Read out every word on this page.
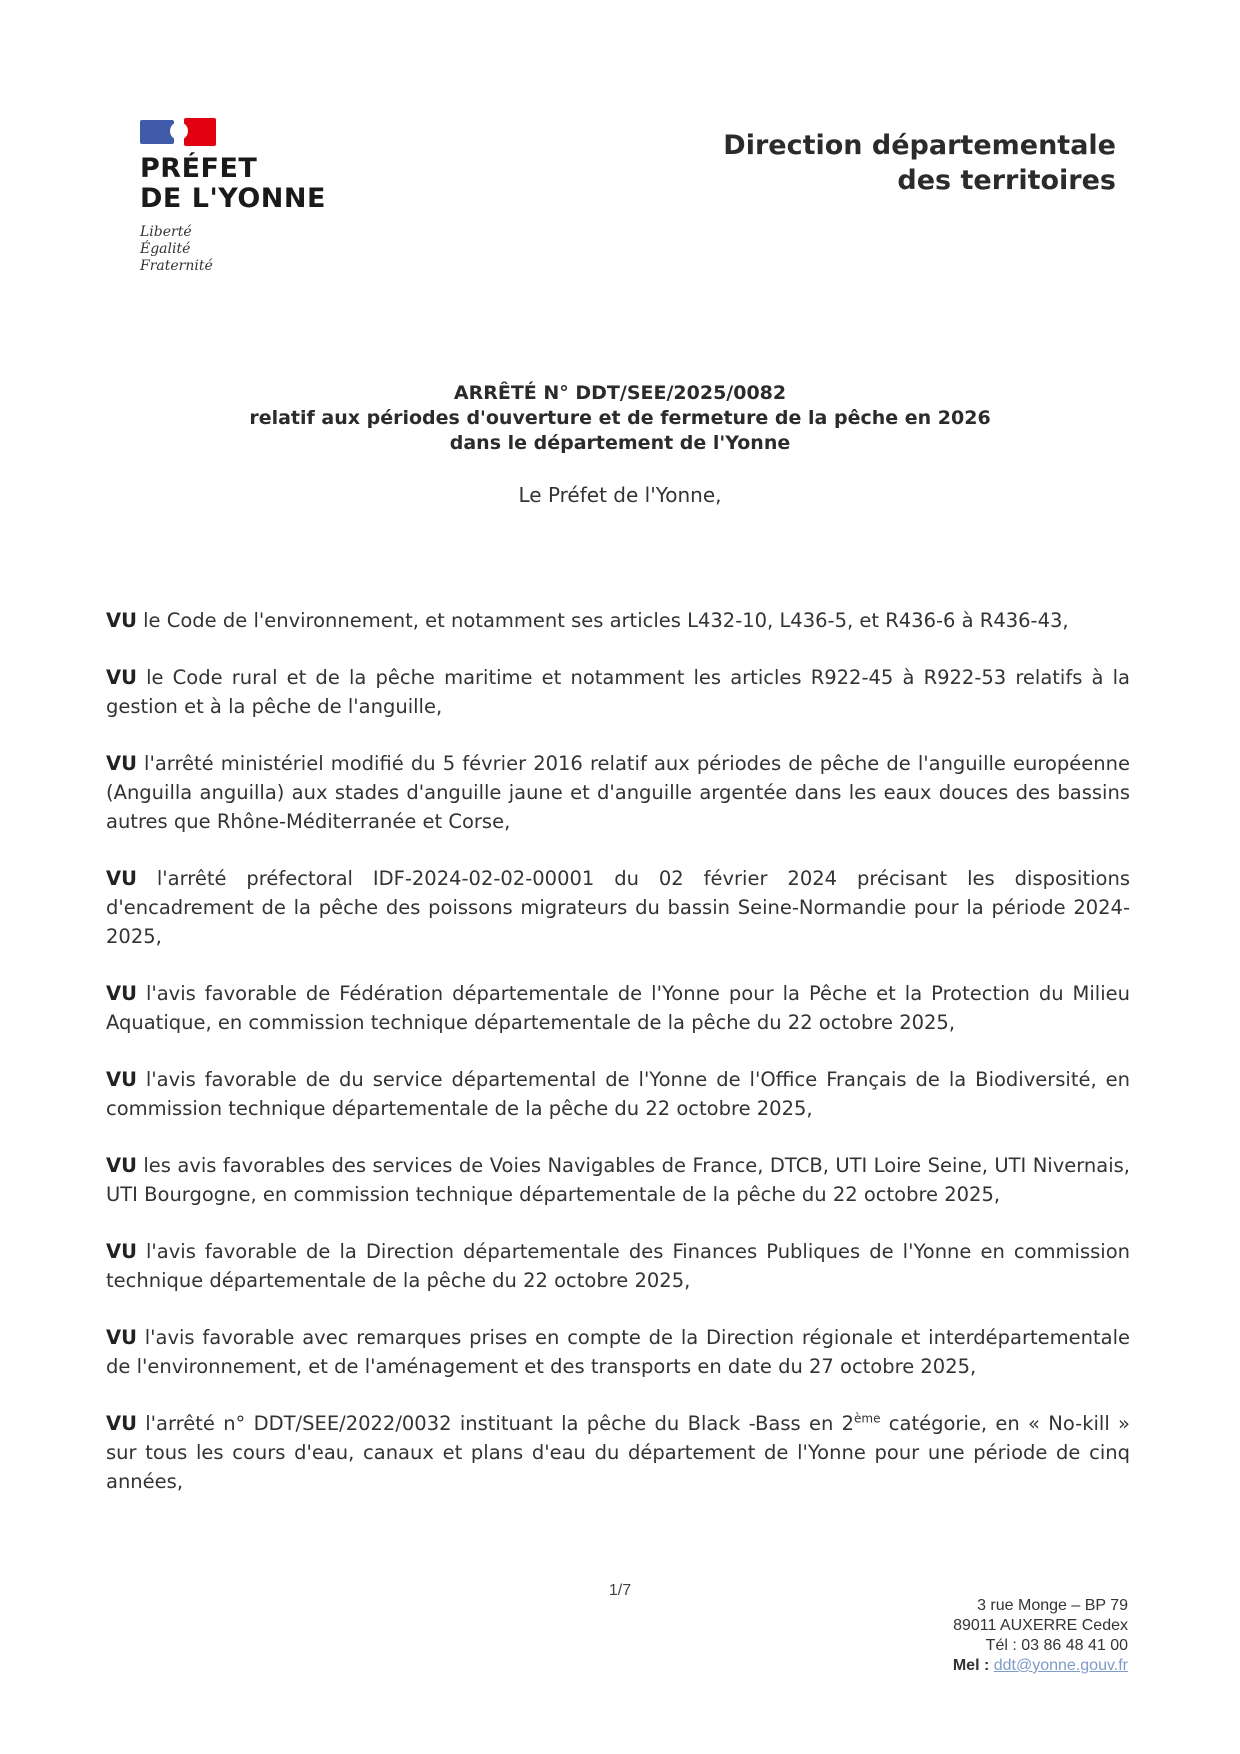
PRÉFET
DE L'YONNE
Liberté
Égalité
Fraternité
Direction départementale
des territoires
ARRÊTÉ N° DDT/SEE/2025/0082
relatif aux périodes d'ouverture et de fermeture de la pêche en 2026
dans le département de l'Yonne
Le Préfet de l'Yonne,

VU le Code de l'environnement, et notamment ses articles L432-10, L436-5, et R436-6 à R436-43,

VU le Code rural et de la pêche maritime et notamment les articles R922-45 à R922-53 relatifs à la gestion et à la pêche de l'anguille,

VU l'arrêté ministériel modifié du 5 février 2016 relatif aux périodes de pêche de l'anguille européenne (Anguilla anguilla) aux stades d'anguille jaune et d'anguille argentée dans les eaux douces des bassins autres que Rhône-Méditerranée et Corse,

VU l'arrêté préfectoral IDF-2024-02-02-00001 du 02 février 2024 précisant les dispositions d'encadrement de la pêche des poissons migrateurs du bassin Seine-Normandie pour la période 2024-2025,

VU l'avis favorable de Fédération départementale de l'Yonne pour la Pêche et la Protection du Milieu Aquatique, en commission technique départementale de la pêche du 22 octobre 2025,

VU l'avis favorable de du service départemental de l'Yonne de l'Office Français de la Biodiversité, en commission technique départementale de la pêche du 22 octobre 2025,

VU les avis favorables des services de Voies Navigables de France, DTCB, UTI Loire Seine, UTI Nivernais, UTI Bourgogne, en commission technique départementale de la pêche du 22 octobre 2025,

VU l'avis favorable de la Direction départementale des Finances Publiques de l'Yonne en commission technique départementale de la pêche du 22 octobre 2025,

VU l'avis favorable avec remarques prises en compte de la Direction régionale et interdépartementale de l'environnement, et de l'aménagement et des transports en date du 27 octobre 2025,

VU l'arrêté n° DDT/SEE/2022/0032 instituant la pêche du Black -Bass en 2ème catégorie, en « No-kill » sur tous les cours d'eau, canaux et plans d'eau du département de l'Yonne pour une période de cinq années,

1/7
3 rue Monge – BP 79
89011 AUXERRE Cedex
Tél : 03 86 48 41 00
Mel : ddt@yonne.gouv.fr
